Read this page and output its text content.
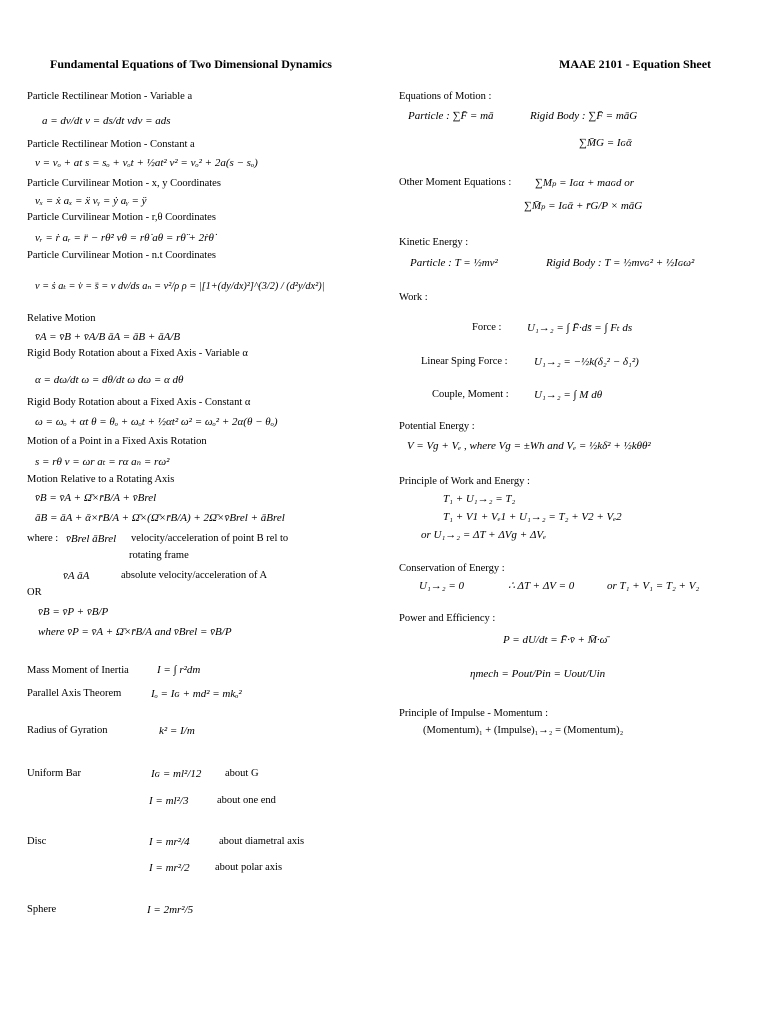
Fundamental Equations of Two Dimensional Dynamics	MAAE 2101 - Equation Sheet
Particle Rectilinear Motion - Variable a
a = dv/dt v = ds/dt vdv = ads
Particle Rectilinear Motion - Constant a
v = vₒ + at s = sₒ + vₒt + ½at² v² = vₒ² + 2a(s − sₒ)
Particle Curvilinear Motion - x, y Coordinates
vₓ = ẋ aₓ = ẍ vᵧ = ẏ aᵧ = ÿ
Particle Curvilinear Motion - r,θ Coordinates
vᵣ = ṙ aᵣ = r̈ − rθ̇² vθ = rθ̇ aθ = rθ̈ + 2ṙθ̇
Particle Curvilinear Motion - n.t Coordinates
v = ṡ aₜ = v̇ = s̈ = v dv/ds aₙ = v²/ρ ρ = |[1+(dy/dx)²]^(3/2) / (d²y/dx²)|
Relative Motion
v̄A = v̄B + v̄A/B āA = āB + āA/B
Rigid Body Rotation about a Fixed Axis - Variable α
α = dω/dt ω = dθ/dt ω dω = α dθ
Rigid Body Rotation about a Fixed Axis - Constant α
ω = ωₒ + αt θ = θₒ + ωₒt + ½αt² ω² = ωₒ² + 2α(θ − θₒ)
Motion of a Point in a Fixed Axis Rotation
s = rθ v = ωr aₜ = rα aₙ = rω²
Motion Relative to a Rotating Axis
v̄B = v̄A + Ω̄×r̄B/A + v̄Brel
āB = āA + ᾱ×r̄B/A + Ω̄×(Ω̄×r̄B/A) + 2Ω̄×v̄Brel + āBrel
where : v̄Brel āBrel velocity/acceleration of point B rel to
rotating frame
v̄A āA	absolute velocity/acceleration of A
OR
v̄B = v̄P + v̄B/P
where v̄P = v̄A + Ω̄×r̄B/A and v̄Brel = v̄B/P
Mass Moment of Inertia	I = ∫ r²dm
Parallel Axis Theorem	Iₒ = Iɢ + md² = mkₒ²
Radius of Gyration	k² = I/m
Uniform Bar	Iɢ = ml²/12 about G
I = ml²/3	about one end
Disc	I = mr²/4	about diametral axis
I = mr²/2 about polar axis
Sphere	I = 2mr²/5
Equations of Motion :
Particle : ∑F̄ = mā	Rigid Body : ∑F̄ = māG
∑M̄G = Iɢᾱ
Other Moment Equations : ∑Mₚ = Iɢα + maɢd or
∑M̄ₚ = Iɢᾱ + r̄G/P × māG
Kinetic Energy :
Particle : T = ½mv²	Rigid Body : T = ½mvɢ² + ½Iɢω²
Work :
Force : U₁→₂ = ∫ F̄·ds̄ = ∫ Fₜ ds
Linear Sping Force : U₁→₂ = −½k(δ₂² − δ₁²)
Couple, Moment : U₁→₂ = ∫ M dθ
Potential Energy :
V = Vɡ + Vₑ , where Vɡ = ±Wh and Vₑ = ½kδ² + ½kθθ²
Principle of Work and Energy :
T₁ + U₁→₂ = T₂
T₁ + V⁡1 + Vₑ1 + U₁→₂ = T₂ + V⁡2 + Vₑ2
or U₁→₂ = ΔT + ΔVɡ + ΔVₑ
Conservation of Energy :
U₁→₂ = 0	∴ ΔT + ΔV = 0	or T₁ + V₁ = T₂ + V₂
Power and Efficiency :
P = dU/dt = F̄·v̄ + M̄·ω̄
ηmech = Pout/Pin = Uout/Uin
Principle of Impulse - Momentum :
(Momentum)₁ + (Impulse)₁→₂ = (Momentum)₂
